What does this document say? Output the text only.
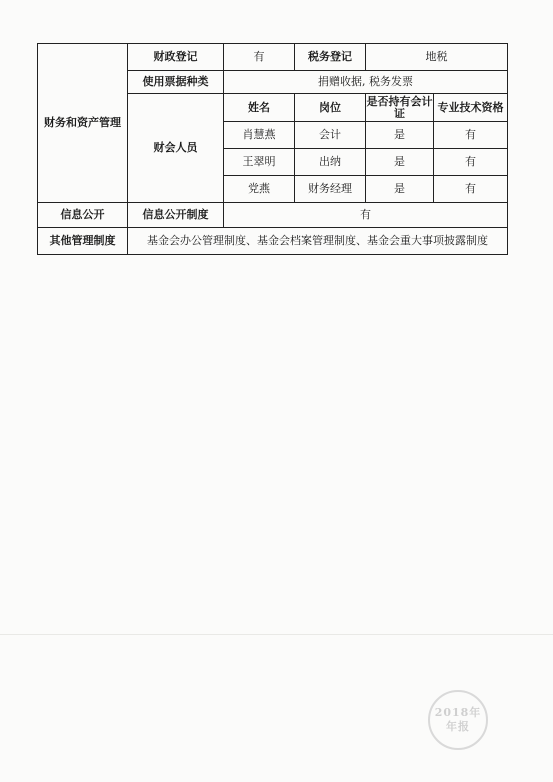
财务和资产管理	财政登记	有	税务登记	地税	
	使用票据种类	捐赠收据, 税务发票			
	财会人员	姓名	岗位	是否持有会计证	专业技术资格
		肖慧燕	会计	是	有
		王翠明	出纳	是	有
		党燕	财务经理	是	有
信息公开	信息公开制度	有			
其他管理制度	基金会办公管理制度、基金会档案管理制度、基金会重大事项披露制度				
2018年
年报
